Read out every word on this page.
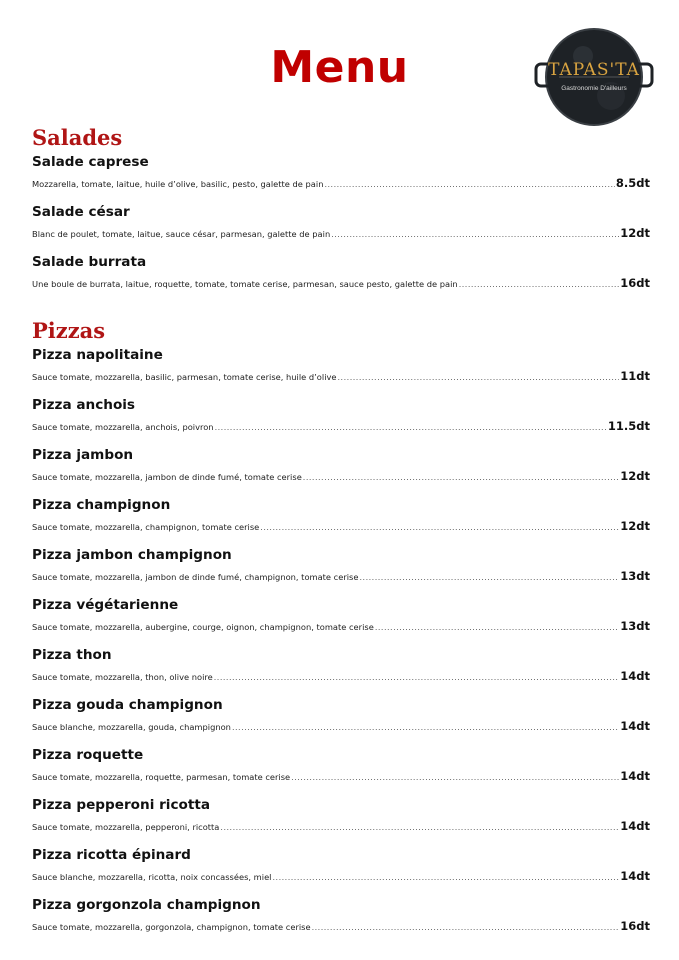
Menu	TAPAS'TA
Gastronomie D'ailleurs
Salades
Salade caprese
Mozzarella, tomate, laitue, huile d’olive, basilic, pesto, galette de pain .....	8.5dt
Salade césar
Blanc de poulet, tomate, laitue, sauce césar, parmesan, galette de pain .....	12dt
Salade burrata
Une boule de burrata, laitue, roquette, tomate, tomate cerise, parmesan, sauce pesto, galette de pain .....	16dt
Pizzas
Pizza napolitaine
Sauce tomate, mozzarella, basilic, parmesan, tomate cerise, huile d’olive .....	11dt
Pizza anchois
Sauce tomate, mozzarella, anchois, poivron .....	11.5dt
Pizza jambon
Sauce tomate, mozzarella, jambon de dinde fumé, tomate cerise .....	12dt
Pizza champignon
Sauce tomate, mozzarella, champignon, tomate cerise .....	12dt
Pizza jambon champignon
Sauce tomate, mozzarella, jambon de dinde fumé, champignon, tomate cerise .....	13dt
Pizza végétarienne
Sauce tomate, mozzarella, aubergine, courge, oignon, champignon, tomate cerise .....	13dt
Pizza thon
Sauce tomate, mozzarella, thon, olive noire .....	14dt
Pizza gouda champignon
Sauce blanche, mozzarella, gouda, champignon .....	14dt
Pizza roquette
Sauce tomate, mozzarella, roquette, parmesan, tomate cerise .....	14dt
Pizza pepperoni ricotta
Sauce tomate, mozzarella, pepperoni, ricotta .....	14dt
Pizza ricotta épinard
Sauce blanche, mozzarella, ricotta, noix concassées, miel .....	14dt
Pizza gorgonzola champignon
Sauce tomate, mozzarella, gorgonzola, champignon, tomate cerise .....	16dt
